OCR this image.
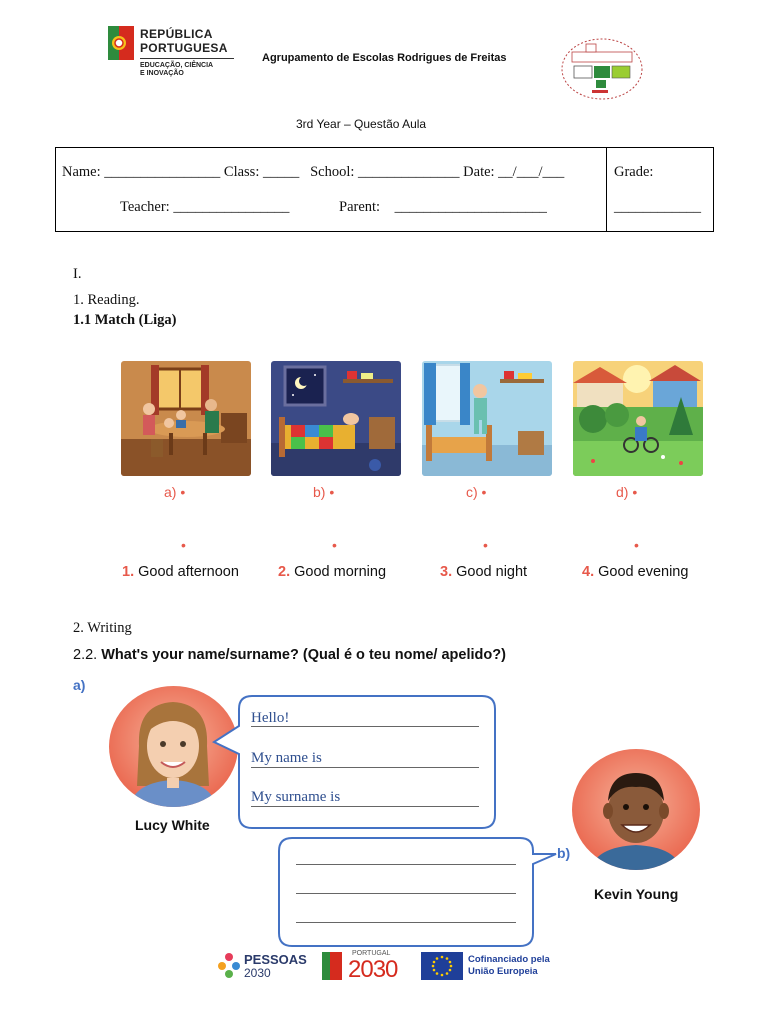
REPÚBLICA
PORTUGUESA
EDUCAÇÃO, CIÊNCIA
E INOVAÇÃO
Agrupamento de Escolas Rodrigues de Freitas
3rd Year – Questão Aula
Name: ________________ Class: _____   School: ______________ Date: __/___/___
Teacher: ________________	Parent:    _____________________
Grade:
____________
I.
1. Reading.
1.1 Match (Liga)
a) •	b) •	c) •	d) •
•	•	•	•
1. Good afternoon	2. Good morning	3. Good night	4. Good evening
2. Writing
2.2. What's your name/surname? (Qual é o teu nome/ apelido?)
a)
Lucy White
Hello!
My name is
My surname is
b)
Kevin Young
PESSOAS
2030
PORTUGAL
2030	Cofinanciado pela
União Europeia
